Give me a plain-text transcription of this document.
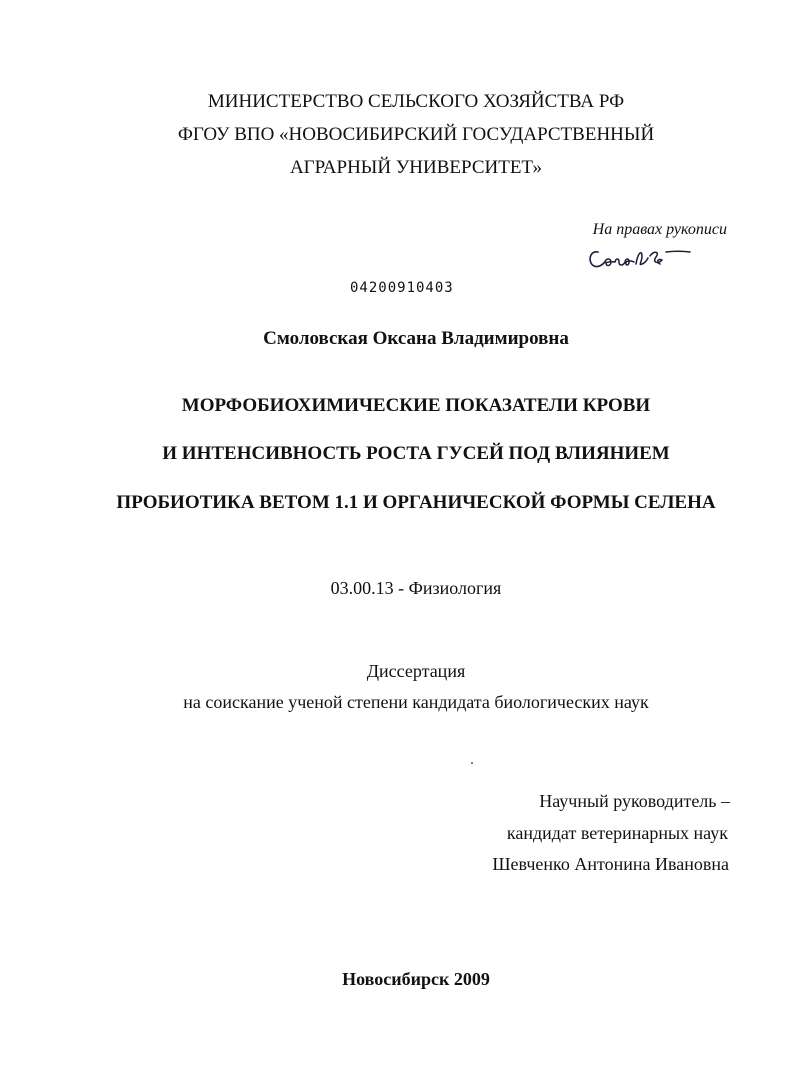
МИНИСТЕРСТВО СЕЛЬСКОГО ХОЗЯЙСТВА РФ
ФГОУ ВПО «НОВОСИБИРСКИЙ ГОСУДАРСТВЕННЫЙ
АГРАРНЫЙ УНИВЕРСИТЕТ»
На правах рукописи
04200910403
Смоловская Оксана Владимировна
МОРФОБИОХИМИЧЕСКИЕ ПОКАЗАТЕЛИ КРОВИ
И ИНТЕНСИВНОСТЬ РОСТА ГУСЕЙ ПОД ВЛИЯНИЕМ
ПРОБИОТИКА ВЕТОМ 1.1 И ОРГАНИЧЕСКОЙ ФОРМЫ СЕЛЕНА
03.00.13 - Физиология
Диссертация
на соискание ученой степени кандидата биологических наук
Научный руководитель –
кандидат ветеринарных наук
Шевченко Антонина Ивановна
Новосибирск 2009
